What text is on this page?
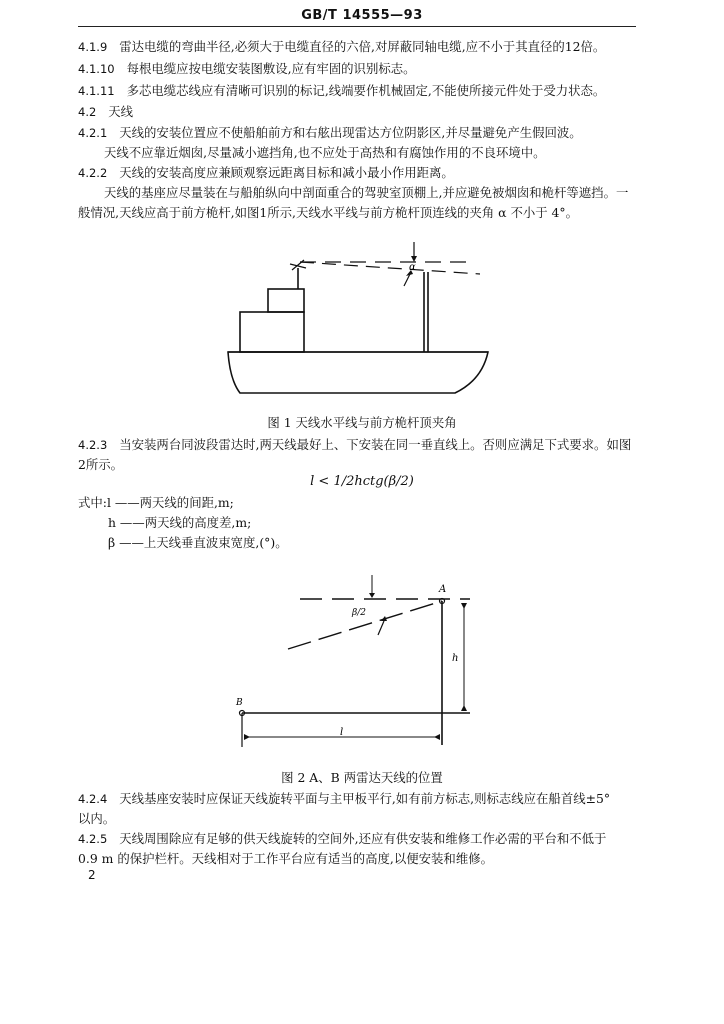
GB/T 14555—93
4.1.9 雷达电缆的弯曲半径,必须大于电缆直径的六倍,对屏蔽同轴电缆,应不小于其直径的12倍。
4.1.10 每根电缆应按电缆安装图敷设,应有牢固的识别标志。
4.1.11 多芯电缆芯线应有清晰可识别的标记,线端要作机械固定,不能使所接元件处于受力状态。
4.2 天线
4.2.1 天线的安装位置应不使船舶前方和右舷出现雷达方位阴影区,并尽量避免产生假回波。
天线不应靠近烟囱,尽量减小遮挡角,也不应处于高热和有腐蚀作用的不良环境中。
4.2.2 天线的安装高度应兼顾观察远距离目标和减小最小作用距离。
天线的基座应尽量装在与船舶纵向中剖面重合的驾驶室顶棚上,并应避免被烟囱和桅杆等遮挡。一
般情况,天线应高于前方桅杆,如图1所示,天线水平线与前方桅杆顶连线的夹角 α 不小于 4°。
α
图 1 天线水平线与前方桅杆顶夹角
4.2.3 当安装两台同波段雷达时,两天线最好上、下安装在同一垂直线上。否则应满足下式要求。如图
2所示。
l < 1/2hctg(β/2)
式中:l ——两天线的间距,m;
h ——两天线的高度差,m;
β ——上天线垂直波束宽度,(°)。
A
B
h
l
β/2
图 2 A、B 两雷达天线的位置
4.2.4 天线基座安装时应保证天线旋转平面与主甲板平行,如有前方标志,则标志线应在船首线±5°
以内。
4.2.5 天线周围除应有足够的供天线旋转的空间外,还应有供安装和维修工作必需的平台和不低于
0.9 m 的保护栏杆。天线相对于工作平台应有适当的高度,以便安装和维修。
2
